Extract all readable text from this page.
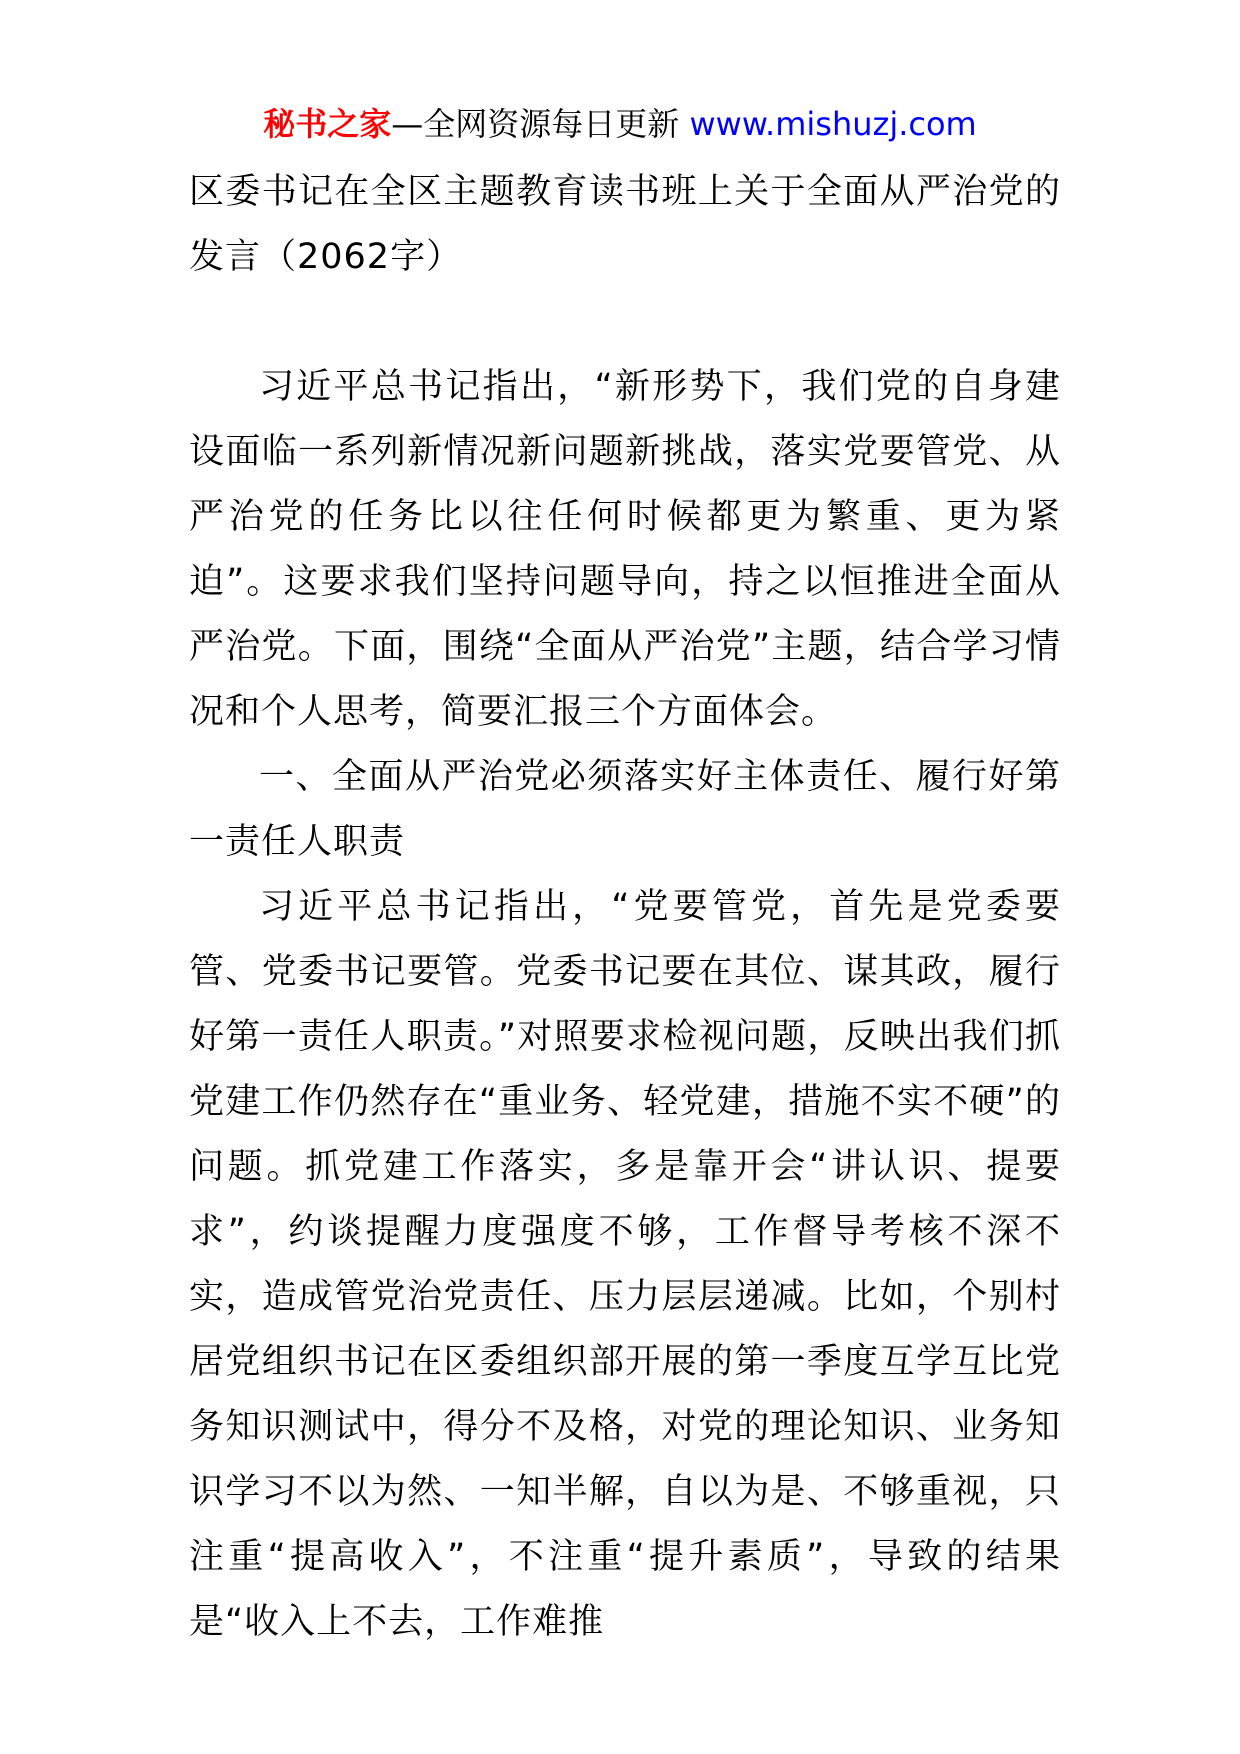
秘书之家—全网资源每日更新 www.mishuzj.com
区委书记在全区主题教育读书班上关于全面从严治党的发言（2062字）

习近平总书记指出，“新形势下，我们党的自身建设面临一系列新情况新问题新挑战，落实党要管党、从严治党的任务比以往任何时候都更为繁重、更为紧迫”。这要求我们坚持问题导向，持之以恒推进全面从严治党。下面，围绕“全面从严治党”主题，结合学习情况和个人思考，简要汇报三个方面体会。

一、全面从严治党必须落实好主体责任、履行好第一责任人职责

习近平总书记指出，“党要管党，首先是党委要管、党委书记要管。党委书记要在其位、谋其政，履行好第一责任人职责。”对照要求检视问题，反映出我们抓党建工作仍然存在“重业务、轻党建，措施不实不硬”的问题。抓党建工作落实，多是靠开会“讲认识、提要求”，约谈提醒力度强度不够，工作督导考核不深不实，造成管党治党责任、压力层层递减。比如，个别村居党组织书记在区委组织部开展的第一季度互学互比党务知识测试中，得分不及格，对党的理论知识、业务知识学习不以为然、一知半解，自以为是、不够重视，只注重“提高收入”，不注重“提升素质”，导致的结果是“收入上不去，工作难推
